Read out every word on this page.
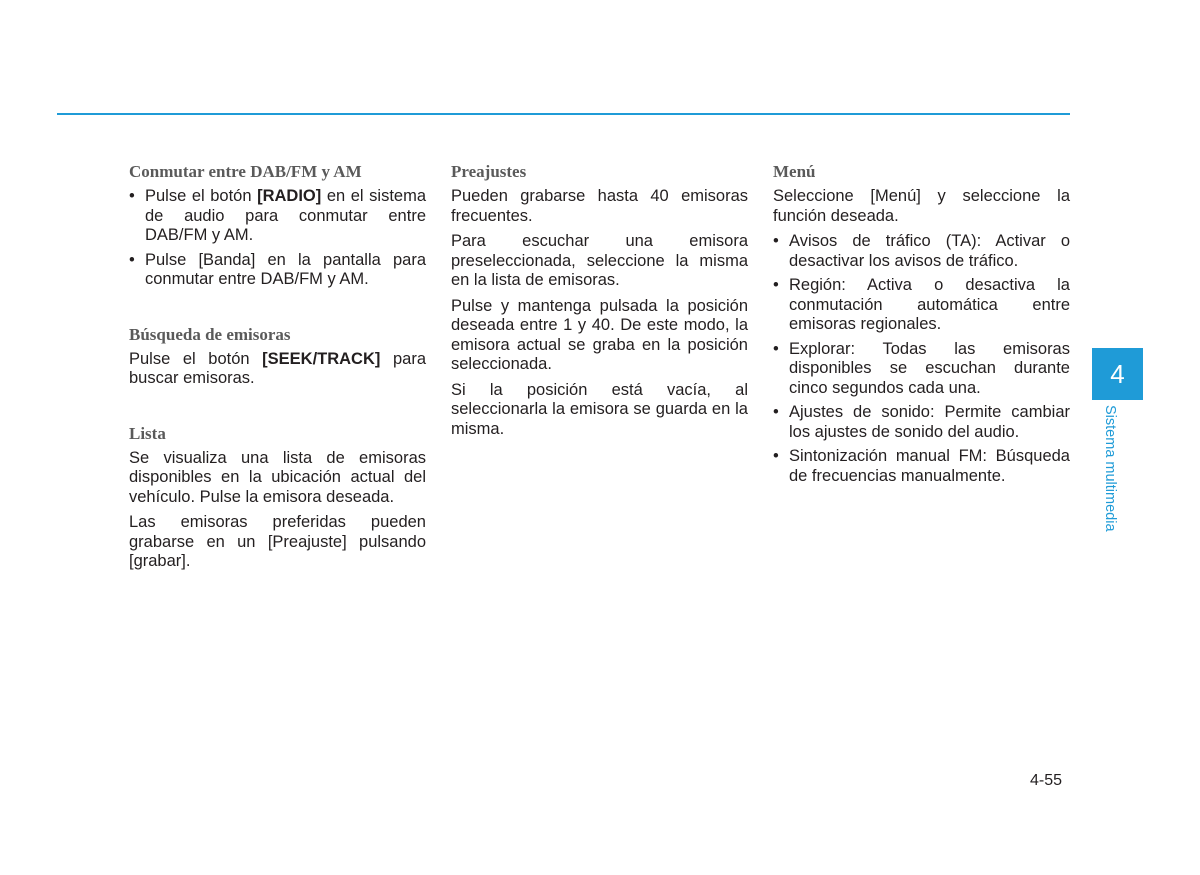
Conmutar entre DAB/FM y AM
• Pulse el botón [RADIO] en el sistema de audio para conmutar entre DAB/FM y AM.
• Pulse [Banda] en la pantalla para conmutar entre DAB/FM y AM.
Búsqueda de emisoras

Pulse el botón [SEEK/TRACK] para buscar emisoras.

Lista

Se visualiza una lista de emisoras disponibles en la ubicación actual del vehículo. Pulse la emisora deseada.

Las emisoras preferidas pueden grabarse en un [Preajuste] pulsando [grabar].

Preajustes

Pueden grabarse hasta 40 emisoras frecuentes.

Para escuchar una emisora preseleccionada, seleccione la misma en la lista de emisoras.

Pulse y mantenga pulsada la posición deseada entre 1 y 40. De este modo, la emisora actual se graba en la posición seleccionada.

Si la posición está vacía, al seleccionarla la emisora se guarda en la misma.

Menú

Seleccione [Menú] y seleccione la función deseada.

• Avisos de tráfico (TA): Activar o desactivar los avisos de tráfico.
• Región: Activa o desactiva la conmutación automática entre emisoras regionales.
• Explorar: Todas las emisoras disponibles se escuchan durante cinco segundos cada una.
• Ajustes de sonido: Permite cambiar los ajustes de sonido del audio.
• Sintonización manual FM: Búsqueda de frecuencias manualmente.
4
Sistema multimedia
4-55
